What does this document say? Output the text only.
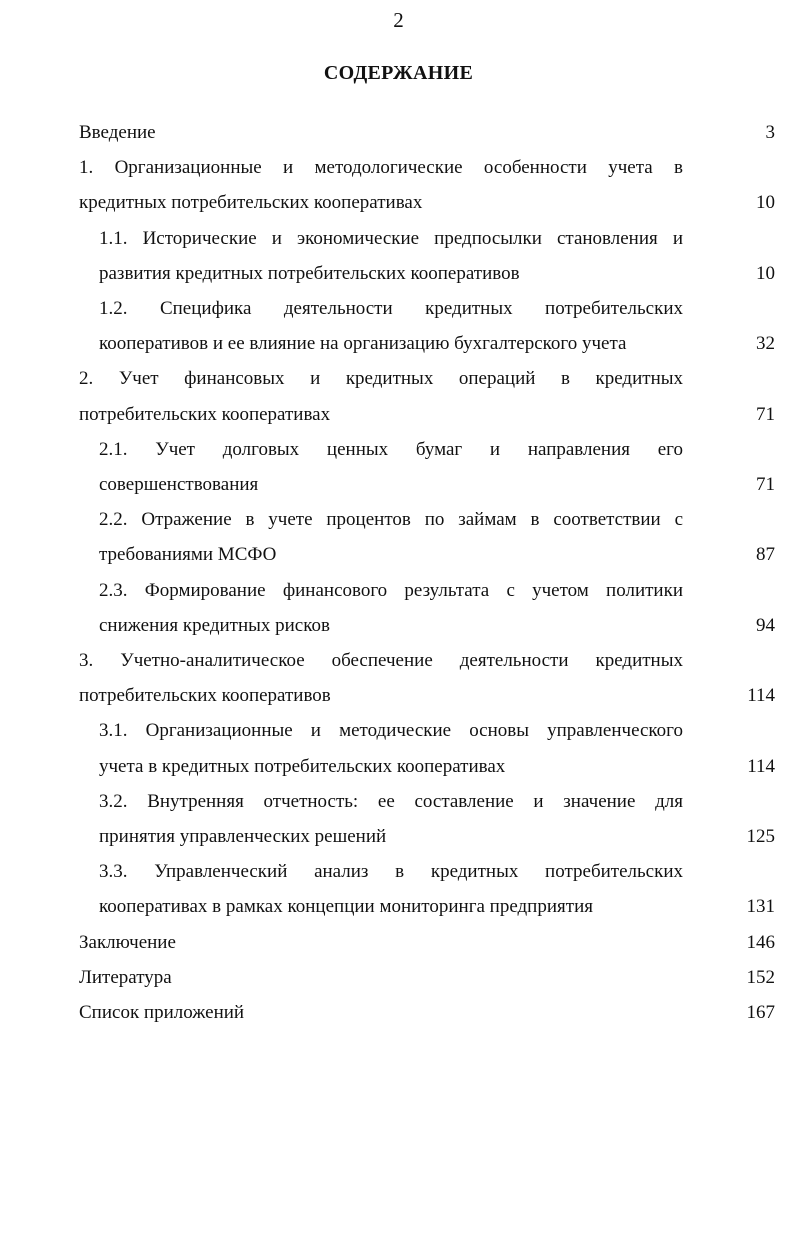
2
СОДЕРЖАНИЕ
Введение	3
1. Организационные и методологические особенности учета в
кредитных потребительских кооперативах	10
1.1. Исторические и экономические предпосылки становления и
развития кредитных потребительских кооперативов	10
1.2. Специфика деятельности кредитных потребительских
кооперативов и ее влияние на организацию бухгалтерского учета	32
2. Учет финансовых и кредитных операций в кредитных
потребительских кооперативах	71
2.1. Учет долговых ценных бумаг и направления его
совершенствования	71
2.2. Отражение в учете процентов по займам в соответствии с
требованиями МСФО	87
2.3. Формирование финансового результата с учетом политики
снижения кредитных рисков	94
3. Учетно-аналитическое обеспечение деятельности кредитных
потребительских кооперативов	114
3.1. Организационные и методические основы управленческого
учета в кредитных потребительских кооперативах	114
3.2. Внутренняя отчетность: ее составление и значение для
принятия управленческих решений	125
3.3. Управленческий анализ в кредитных потребительских
кооперативах в рамках концепции мониторинга предприятия	131
Заключение	146
Литература	152
Список приложений	167
